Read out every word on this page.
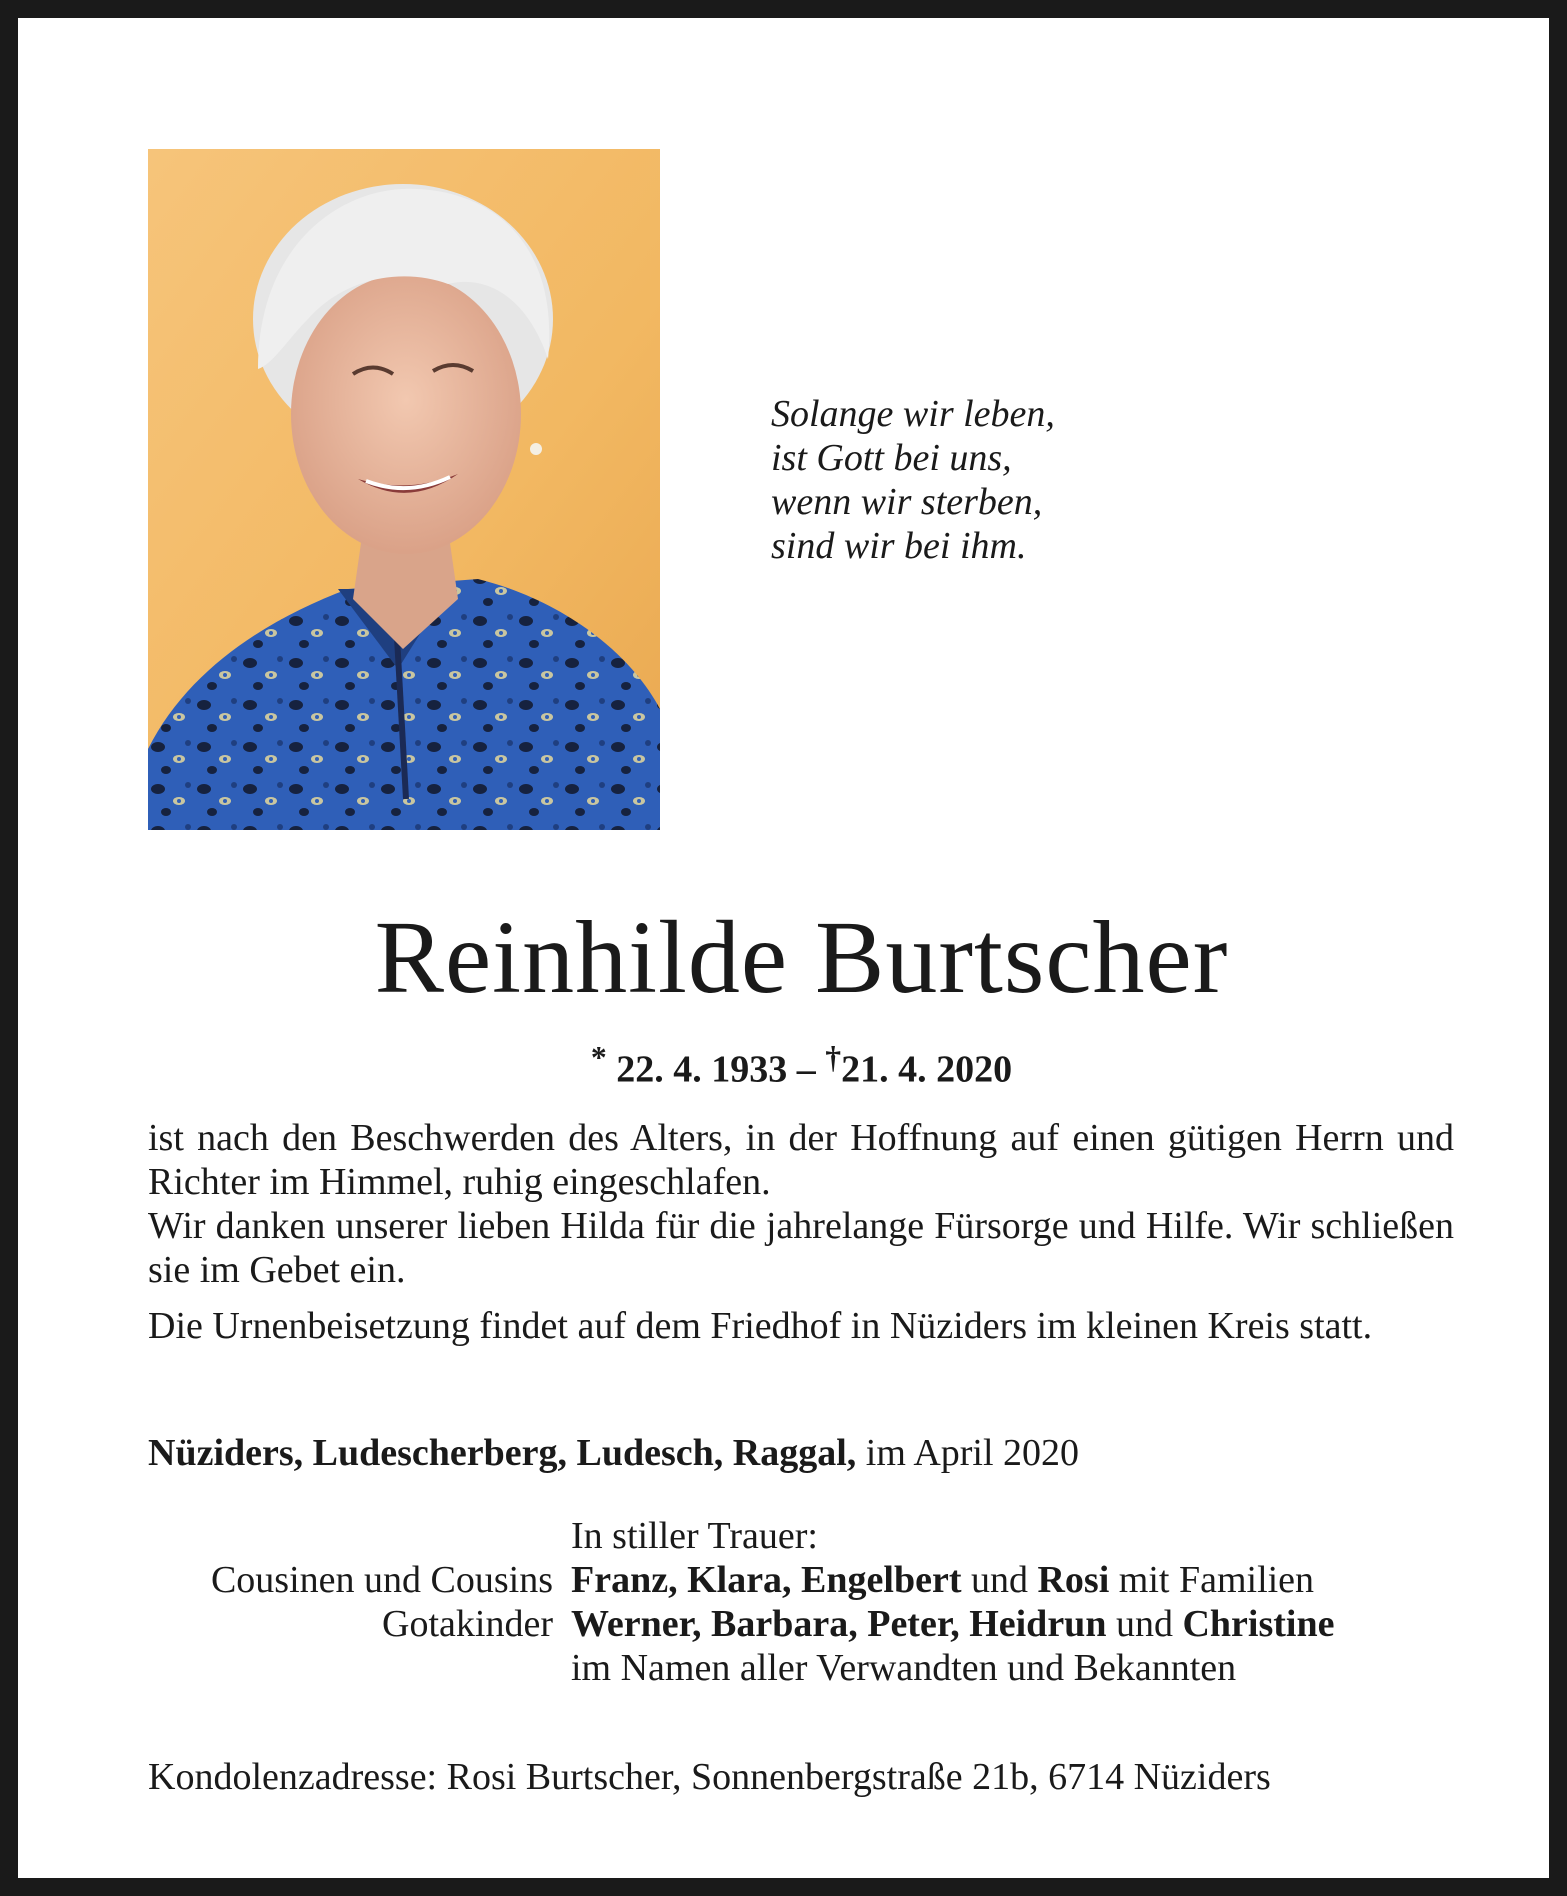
Solange wir leben,
ist Gott bei uns,
wenn wir sterben,
sind wir bei ihm.
Reinhilde Burtscher
* 22. 4. 1933 – †21. 4. 2020

ist nach den Beschwerden des Alters, in der Hoffnung auf einen gütigen Herrn und Richter im Himmel, ruhig eingeschlafen.

Wir danken unserer lieben Hilda für die jahrelange Fürsorge und Hilfe. Wir schließen sie im Gebet ein.

Die Urnenbeisetzung findet auf dem Friedhof in Nüziders im kleinen Kreis statt.

Nüziders, Ludescherberg, Ludesch, Raggal, im April 2020
In stiller Trauer:
Cousinen und Cousins Franz, Klara, Engelbert und Rosi mit Familien
Gotakinder Werner, Barbara, Peter, Heidrun und Christine
im Namen aller Verwandten und Bekannten
Kondolenzadresse: Rosi Burtscher, Sonnenbergstraße 21b, 6714 Nüziders
